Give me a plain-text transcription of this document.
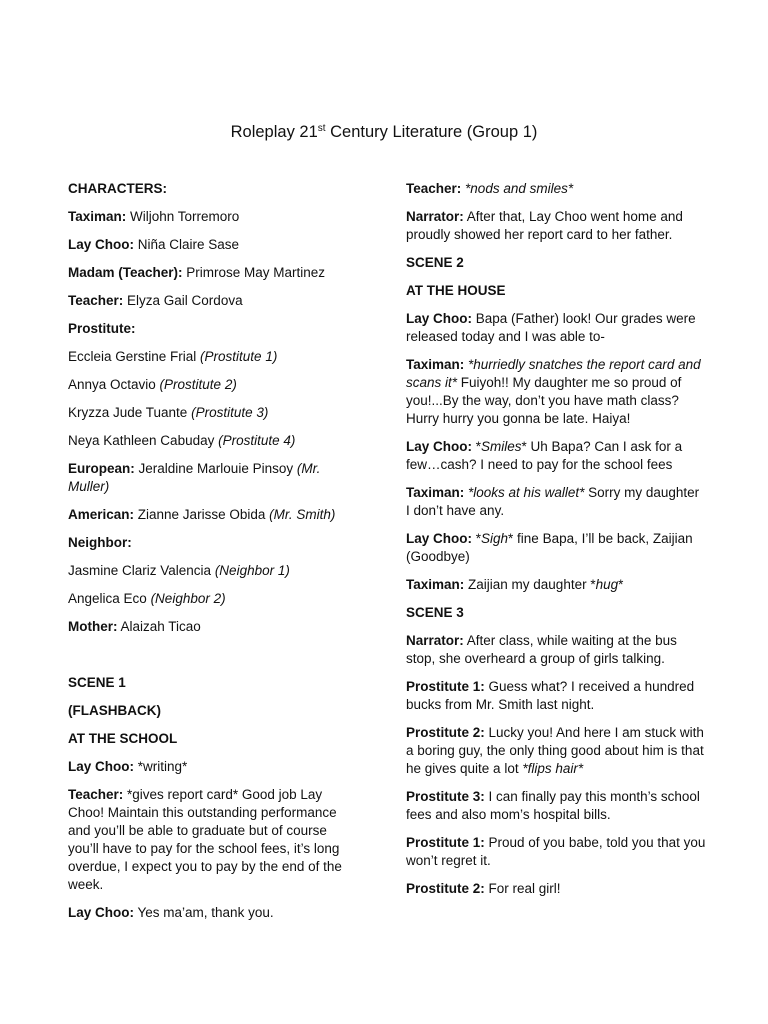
Roleplay 21st Century Literature (Group 1)
CHARACTERS:
Taximan: Wiljohn Torremoro
Lay Choo: Niña Claire Sase
Madam (Teacher): Primrose May Martinez
Teacher: Elyza Gail Cordova
Prostitute:
Eccleia Gerstine Frial (Prostitute 1)
Annya Octavio (Prostitute 2)
Kryzza Jude Tuante (Prostitute 3)
Neya Kathleen Cabuday (Prostitute 4)
European: Jeraldine Marlouie Pinsoy (Mr. Muller)
American: Zianne Jarisse Obida (Mr. Smith)
Neighbor:
Jasmine Clariz Valencia (Neighbor 1)
Angelica Eco (Neighbor 2)
Mother: Alaizah Ticao
SCENE 1
(FLASHBACK)
AT THE SCHOOL
Lay Choo: *writing*
Teacher: *gives report card* Good job Lay Choo! Maintain this outstanding performance and you’ll be able to graduate but of course you’ll have to pay for the school fees, it’s long overdue, I expect you to pay by the end of the week.
Lay Choo: Yes ma’am, thank you.
Teacher: *nods and smiles*
Narrator: After that, Lay Choo went home and proudly showed her report card to her father.
SCENE 2
AT THE HOUSE
Lay Choo: Bapa (Father) look! Our grades were released today and I was able to-
Taximan: *hurriedly snatches the report card and scans it* Fuiyoh!! My daughter me so proud of you!...By the way, don’t you have math class? Hurry hurry you gonna be late. Haiya!
Lay Choo: *Smiles* Uh Bapa? Can I ask for a few…cash? I need to pay for the school fees
Taximan: *looks at his wallet* Sorry my daughter I don’t have any.
Lay Choo: *Sigh* fine Bapa, I’ll be back, Zaijian (Goodbye)
Taximan: Zaijian my daughter *hug*
SCENE 3
Narrator: After class, while waiting at the bus stop, she overheard a group of girls talking.
Prostitute 1: Guess what? I received a hundred bucks from Mr. Smith last night.
Prostitute 2: Lucky you! And here I am stuck with a boring guy, the only thing good about him is that he gives quite a lot *flips hair*
Prostitute 3: I can finally pay this month’s school fees and also mom’s hospital bills.
Prostitute 1: Proud of you babe, told you that you won’t regret it.
Prostitute 2: For real girl!
